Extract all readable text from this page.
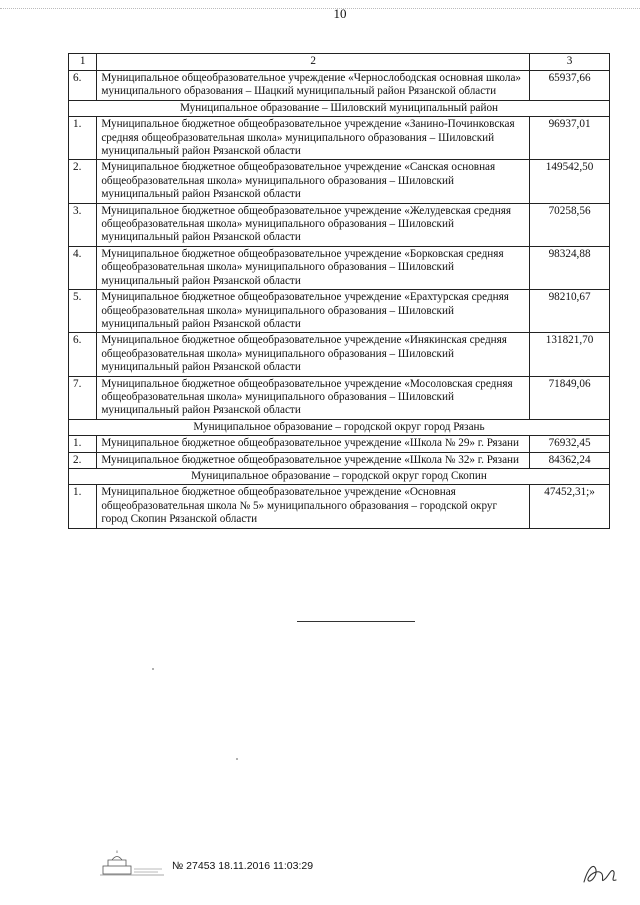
10
1	2	3
6.	Муниципальное общеобразовательное учреждение «Чернослободская основная школа» муниципального образования – Шацкий муниципальный район Рязанской области	65937,66
Муниципальное образование – Шиловский муниципальный район		
1.	Муниципальное бюджетное общеобразовательное учреждение «Занино-Починковская средняя общеобразовательная школа» муниципального образования – Шиловский муниципальный район Рязанской области	96937,01
2.	Муниципальное бюджетное общеобразовательное учреждение «Санская основная общеобразовательная школа» муниципального образования – Шиловский муниципальный район Рязанской области	149542,50
3.	Муниципальное бюджетное общеобразовательное учреждение «Желудевская средняя общеобразовательная школа» муниципального образования – Шиловский муниципальный район Рязанской области	70258,56
4.	Муниципальное бюджетное общеобразовательное учреждение «Борковская средняя общеобразовательная школа» муниципального образования – Шиловский муниципальный район Рязанской области	98324,88
5.	Муниципальное бюджетное общеобразовательное учреждение «Ерахтурская средняя общеобразовательная школа» муниципального образования – Шиловский муниципальный район Рязанской области	98210,67
6.	Муниципальное бюджетное общеобразовательное учреждение «Инякинская средняя общеобразовательная школа» муниципального образования – Шиловский муниципальный район Рязанской области	131821,70
7.	Муниципальное бюджетное общеобразовательное учреждение «Мосоловская средняя общеобразовательная школа» муниципального образования – Шиловский муниципальный район Рязанской области	71849,06
Муниципальное образование – городской округ город Рязань		
1.	Муниципальное бюджетное общеобразовательное учреждение «Школа № 29» г. Рязани	76932,45
2.	Муниципальное бюджетное общеобразовательное учреждение «Школа № 32» г. Рязани	84362,24
Муниципальное образование – городской округ город Скопин		
1.	Муниципальное бюджетное общеобразовательное учреждение «Основная общеобразовательная школа № 5» муниципального образования – городской округ город Скопин Рязанской области	47452,31;»
№ 27453 18.11.2016 11:03:29
